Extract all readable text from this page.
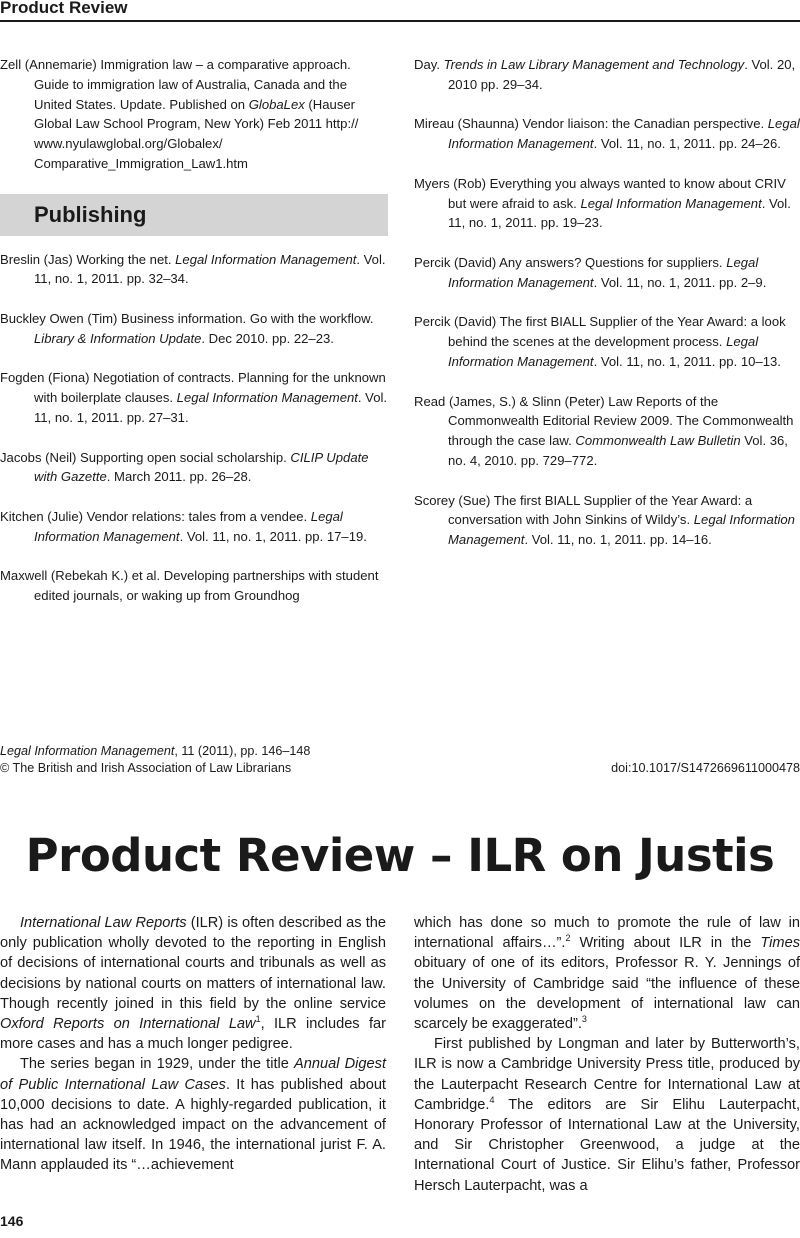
Product Review

Zell (Annemarie) Immigration law – a comparative approach. Guide to immigration law of Australia, Canada and the United States. Update. Published on GlobaLex (Hauser Global Law School Program, New York) Feb 2011 http:// www.nyulawglobal.org/Globalex/ Comparative_Immigration_Law1.htm

Publishing

Breslin (Jas) Working the net. Legal Information Management. Vol. 11, no. 1, 2011. pp. 32–34.

Buckley Owen (Tim) Business information. Go with the workflow. Library & Information Update. Dec 2010. pp. 22–23.

Fogden (Fiona) Negotiation of contracts. Planning for the unknown with boilerplate clauses. Legal Information Management. Vol. 11, no. 1, 2011. pp. 27–31.

Jacobs (Neil) Supporting open social scholarship. CILIP Update with Gazette. March 2011. pp. 26–28.

Kitchen (Julie) Vendor relations: tales from a vendee. Legal Information Management. Vol. 11, no. 1, 2011. pp. 17–19.

Maxwell (Rebekah K.) et al. Developing partnerships with student edited journals, or waking up from Groundhog

Day. Trends in Law Library Management and Technology. Vol. 20, 2010 pp. 29–34.

Mireau (Shaunna) Vendor liaison: the Canadian perspective. Legal Information Management. Vol. 11, no. 1, 2011. pp. 24–26.

Myers (Rob) Everything you always wanted to know about CRIV but were afraid to ask. Legal Information Management. Vol. 11, no. 1, 2011. pp. 19–23.

Percik (David) Any answers? Questions for suppliers. Legal Information Management. Vol. 11, no. 1, 2011. pp. 2–9.

Percik (David) The first BIALL Supplier of the Year Award: a look behind the scenes at the development process. Legal Information Management. Vol. 11, no. 1, 2011. pp. 10–13.

Read (James, S.) & Slinn (Peter) Law Reports of the Commonwealth Editorial Review 2009. The Commonwealth through the case law. Commonwealth Law Bulletin Vol. 36, no. 4, 2010. pp. 729–772.

Scorey (Sue) The first BIALL Supplier of the Year Award: a conversation with John Sinkins of Wildy’s. Legal Information Management. Vol. 11, no. 1, 2011. pp. 14–16.

Legal Information Management, 11 (2011), pp. 146–148
© The British and Irish Association of Law Librarians	doi:10.1017/S1472669611000478
Product Review – ILR on Justis

International Law Reports (ILR) is often described as the only publication wholly devoted to the reporting in English of decisions of international courts and tribunals as well as decisions by national courts on matters of international law. Though recently joined in this field by the online service Oxford Reports on International Law$^1$, ILR includes far more cases and has a much longer pedigree.

The series began in 1929, under the title Annual Digest of Public International Law Cases. It has published about 10,000 decisions to date. A highly-regarded publication, it has had an acknowledged impact on the advancement of international law itself. In 1946, the international jurist F. A. Mann applauded its “…achievement

which has done so much to promote the rule of law in international affairs…”.$^2$ Writing about ILR in the Times obituary of one of its editors, Professor R. Y. Jennings of the University of Cambridge said “the influence of these volumes on the development of international law can scarcely be exaggerated”.$^3$

First published by Longman and later by Butterworth’s, ILR is now a Cambridge University Press title, produced by the Lauterpacht Research Centre for International Law at Cambridge.$^4$ The editors are Sir Elihu Lauterpacht, Honorary Professor of International Law at the University, and Sir Christopher Greenwood, a judge at the International Court of Justice. Sir Elihu’s father, Professor Hersch Lauterpacht, was a

146
